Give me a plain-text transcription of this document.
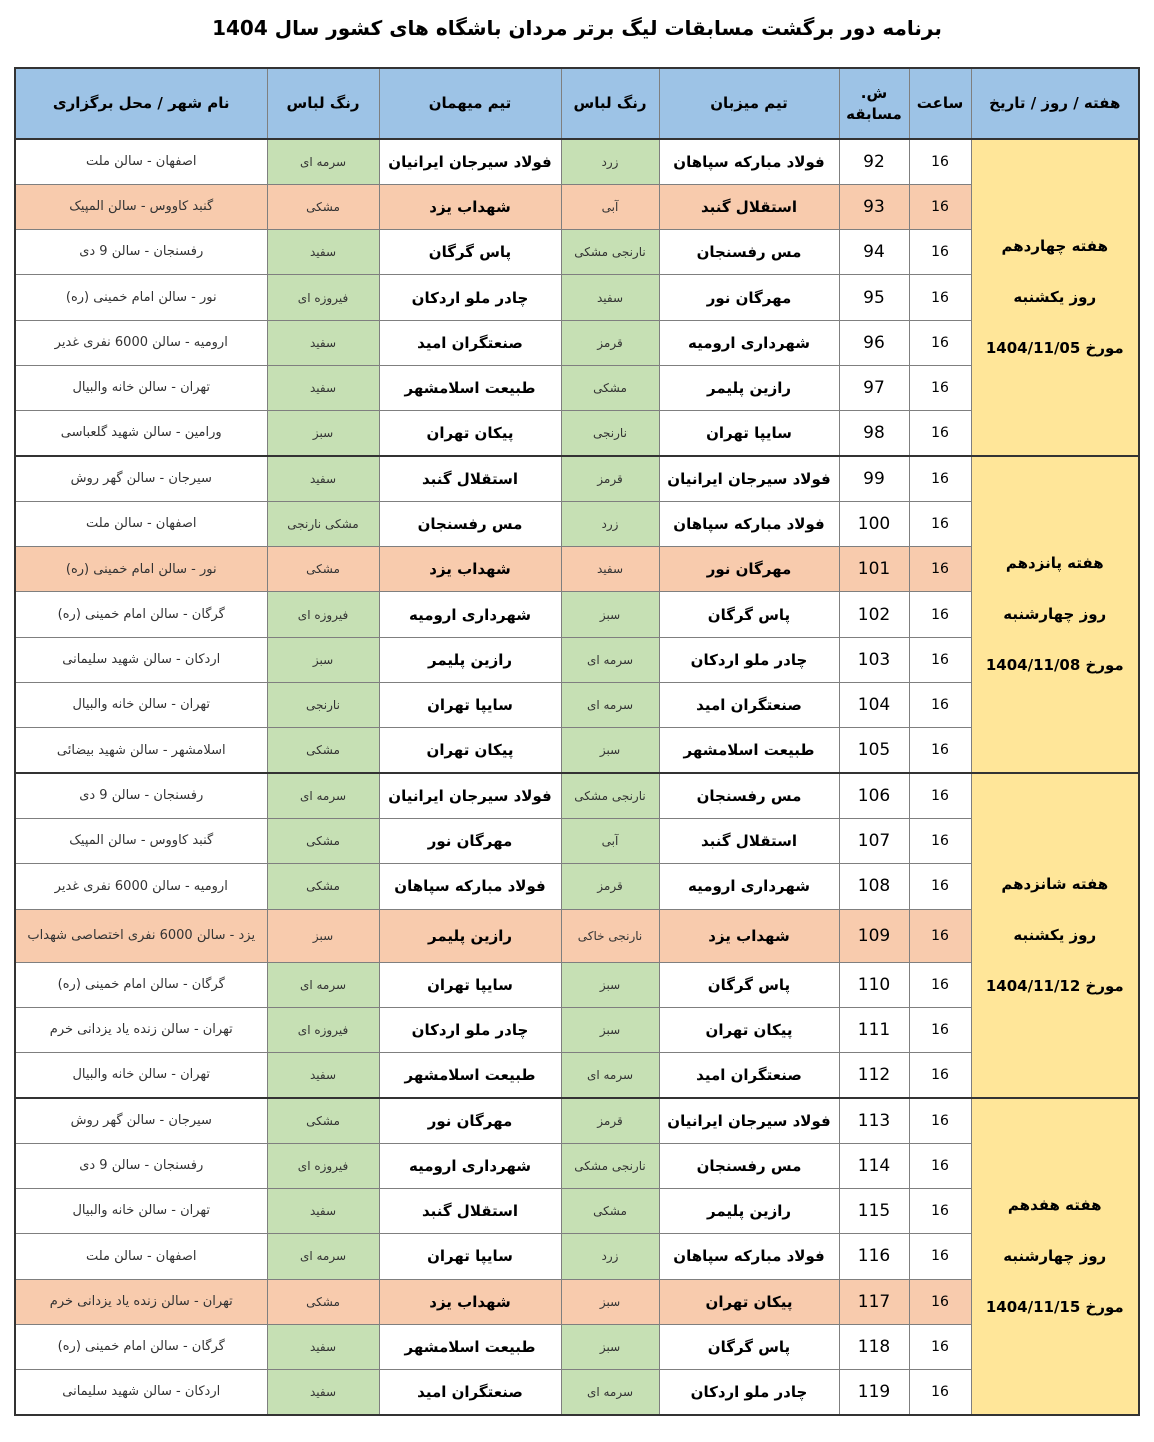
برنامه دور برگشت مسابقات لیگ برتر مردان باشگاه های کشور سال 1404
هفته / روز / تاریخ	ساعت	ش.
مسابقه	تیم میزبان	رنگ لباس	تیم میهمان	رنگ لباس	نام شهر / محل برگزاری

هفته چهاردهم
روز یکشنبه
مورخ 1404/11/05	16	92	فولاد مبارکه سپاهان	زرد	فولاد سیرجان ایرانیان	سرمه ای	اصفهان - سالن ملت
	16	93	استقلال گنبد	آبی	شهداب یزد	مشکی	گنبد کاووس - سالن المپیک
	16	94	مس رفسنجان	نارنجی مشکی	پاس گرگان	سفید	رفسنجان - سالن 9 دی
	16	95	مهرگان نور	سفید	چادر ملو اردکان	فیروزه ای	نور - سالن امام خمینی (ره)
	16	96	شهرداری ارومیه	قرمز	صنعتگران امید	سفید	ارومیه - سالن 6000 نفری غدیر
	16	97	رازین پلیمر	مشکی	طبیعت اسلامشهر	سفید	تهران - سالن خانه والبیال
	16	98	سایپا تهران	نارنجی	پیکان تهران	سبز	ورامین - سالن شهید گلعباسی

هفته پانزدهم
روز چهارشنبه
مورخ 1404/11/08	16	99	فولاد سیرجان ایرانیان	قرمز	استقلال گنبد	سفید	سیرجان - سالن گهر روش
	16	100	فولاد مبارکه سپاهان	زرد	مس رفسنجان	مشکی نارنجی	اصفهان - سالن ملت
	16	101	مهرگان نور	سفید	شهداب یزد	مشکی	نور - سالن امام خمینی (ره)
	16	102	پاس گرگان	سبز	شهرداری ارومیه	فیروزه ای	گرگان - سالن امام خمینی (ره)
	16	103	چادر ملو اردکان	سرمه ای	رازین پلیمر	سبز	اردکان - سالن شهید سلیمانی
	16	104	صنعتگران امید	سرمه ای	سایپا تهران	نارنجی	تهران - سالن خانه والبیال
	16	105	طبیعت اسلامشهر	سبز	پیکان تهران	مشکی	اسلامشهر - سالن شهید بیضائی

هفته شانزدهم
روز یکشنبه
مورخ 1404/11/12	16	106	مس رفسنجان	نارنجی مشکی	فولاد سیرجان ایرانیان	سرمه ای	رفسنجان - سالن 9 دی
	16	107	استقلال گنبد	آبی	مهرگان نور	مشکی	گنبد کاووس - سالن المپیک
	16	108	شهرداری ارومیه	قرمز	فولاد مبارکه سپاهان	مشکی	ارومیه - سالن 6000 نفری غدیر
	16	109	شهداب یزد	نارنجی خاکی	رازین پلیمر	سبز	یزد - سالن 6000 نفری اختصاصی شهداب
	16	110	پاس گرگان	سبز	سایپا تهران	سرمه ای	گرگان - سالن امام خمینی (ره)
	16	111	پیکان تهران	سبز	چادر ملو اردکان	فیروزه ای	تهران - سالن زنده یاد یزدانی خرم
	16	112	صنعتگران امید	سرمه ای	طبیعت اسلامشهر	سفید	تهران - سالن خانه والبیال

هفته هفدهم
روز چهارشنبه
مورخ 1404/11/15	16	113	فولاد سیرجان ایرانیان	قرمز	مهرگان نور	مشکی	سیرجان - سالن گهر روش
	16	114	مس رفسنجان	نارنجی مشکی	شهرداری ارومیه	فیروزه ای	رفسنجان - سالن 9 دی
	16	115	رازین پلیمر	مشکی	استقلال گنبد	سفید	تهران - سالن خانه والبیال
	16	116	فولاد مبارکه سپاهان	زرد	سایپا تهران	سرمه ای	اصفهان - سالن ملت
	16	117	پیکان تهران	سبز	شهداب یزد	مشکی	تهران - سالن زنده یاد یزدانی خرم
	16	118	پاس گرگان	سبز	طبیعت اسلامشهر	سفید	گرگان - سالن امام خمینی (ره)
	16	119	چادر ملو اردکان	سرمه ای	صنعتگران امید	سفید	اردکان - سالن شهید سلیمانی
